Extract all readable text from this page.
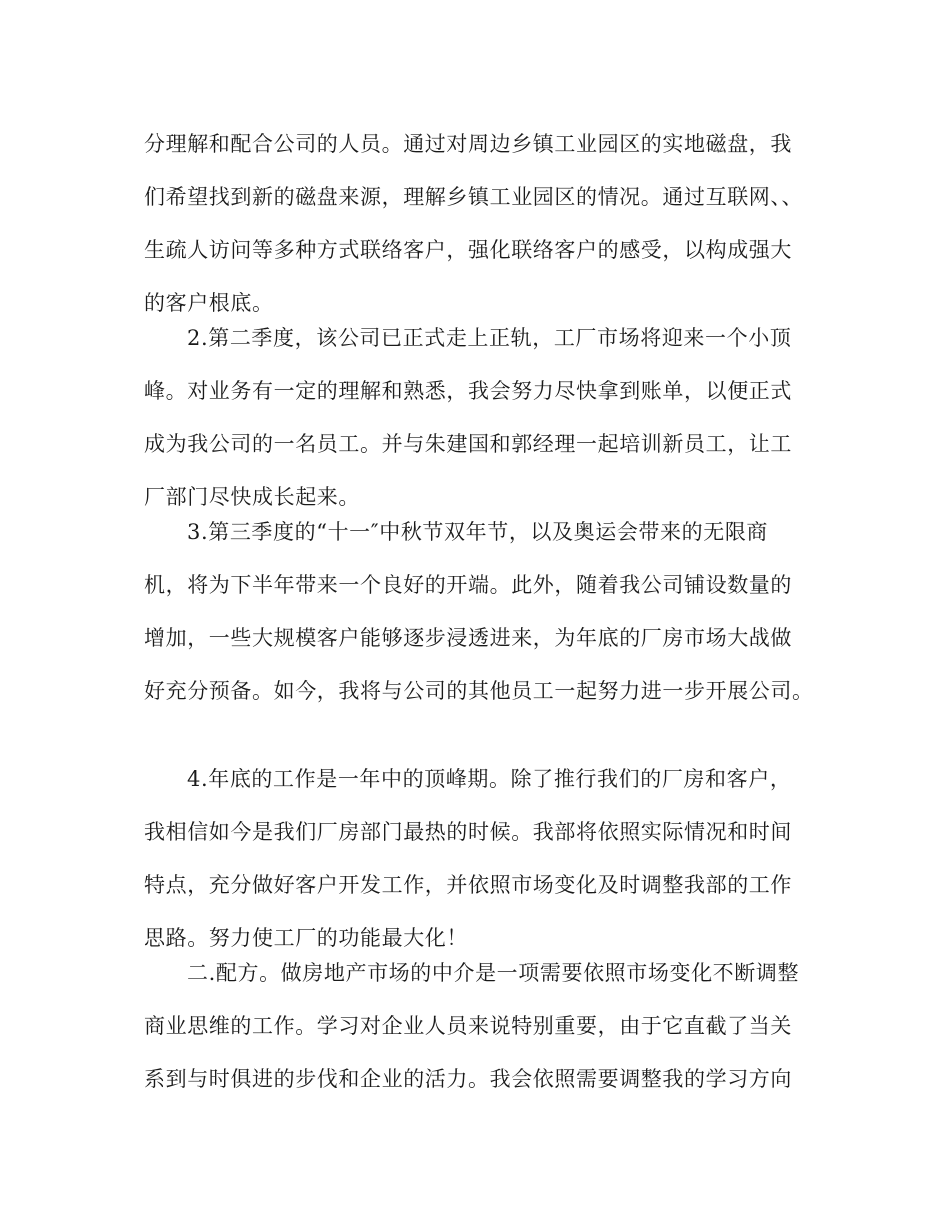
分理解和配合公司的人员。通过对周边乡镇工业园区的实地磁盘，我
们希望找到新的磁盘来源，理解乡镇工业园区的情况。通过互联网、、
生疏人访问等多种方式联络客户，强化联络客户的感受，以构成强大
的客户根底。
2.第二季度，该公司已正式走上正轨，工厂市场将迎来一个小顶
峰。对业务有一定的理解和熟悉，我会努力尽快拿到账单，以便正式
成为我公司的一名员工。并与朱建国和郭经理一起培训新员工，让工
厂部门尽快成长起来。
3.第三季度的“十一″中秋节双年节，以及奥运会带来的无限商
机，将为下半年带来一个良好的开端。此外，随着我公司铺设数量的
增加，一些大规模客户能够逐步浸透进来，为年底的厂房市场大战做
好充分预备。如今，我将与公司的其他员工一起努力进一步开展公司。
4.年底的工作是一年中的顶峰期。除了推行我们的厂房和客户，
我相信如今是我们厂房部门最热的时候。我部将依照实际情况和时间
特点，充分做好客户开发工作，并依照市场变化及时调整我部的工作
思路。努力使工厂的功能最大化！
二.配方。做房地产市场的中介是一项需要依照市场变化不断调整
商业思维的工作。学习对企业人员来说特别重要，由于它直截了当关
系到与时俱进的步伐和企业的活力。我会依照需要调整我的学习方向
